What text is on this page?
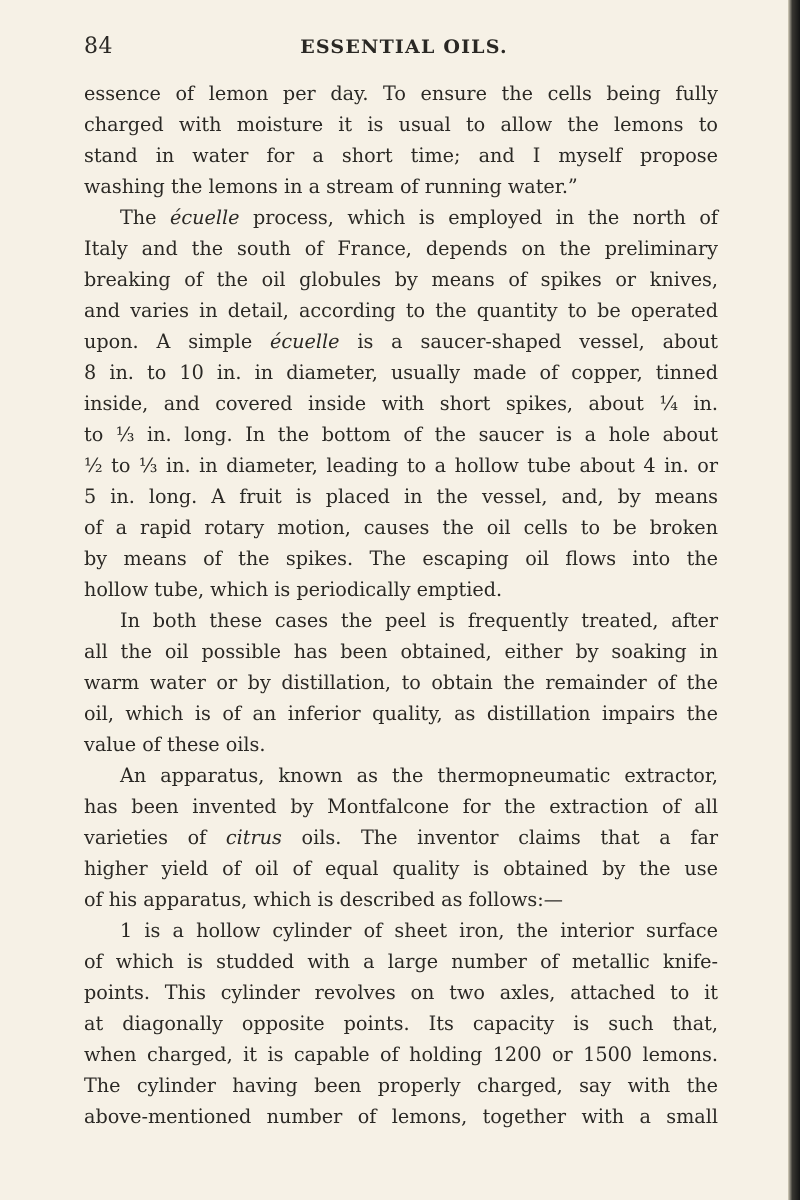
84	ESSENTIAL OILS.
essence of lemon per day. To ensure the cells being fully
charged with moisture it is usual to allow the lemons to
stand in water for a short time; and I myself propose
washing the lemons in a stream of running water.”
The écuelle process, which is employed in the north of
Italy and the south of France, depends on the preliminary
breaking of the oil globules by means of spikes or knives,
and varies in detail, according to the quantity to be operated
upon. A simple écuelle is a saucer-shaped vessel, about
8 in. to 10 in. in diameter, usually made of copper, tinned
inside, and covered inside with short spikes, about ¼ in.
to ⅓ in. long. In the bottom of the saucer is a hole about
½ to ⅓ in. in diameter, leading to a hollow tube about 4 in. or
5 in. long. A fruit is placed in the vessel, and, by means
of a rapid rotary motion, causes the oil cells to be broken
by means of the spikes. The escaping oil flows into the
hollow tube, which is periodically emptied.
In both these cases the peel is frequently treated, after
all the oil possible has been obtained, either by soaking in
warm water or by distillation, to obtain the remainder of the
oil, which is of an inferior quality, as distillation impairs the
value of these oils.
An apparatus, known as the thermopneumatic extractor,
has been invented by Montfalcone for the extraction of all
varieties of citrus oils. The inventor claims that a far
higher yield of oil of equal quality is obtained by the use
of his apparatus, which is described as follows:—
1 is a hollow cylinder of sheet iron, the interior surface
of which is studded with a large number of metallic knife-
points. This cylinder revolves on two axles, attached to it
at diagonally opposite points. Its capacity is such that,
when charged, it is capable of holding 1200 or 1500 lemons.
The cylinder having been properly charged, say with the
above-mentioned number of lemons, together with a small
